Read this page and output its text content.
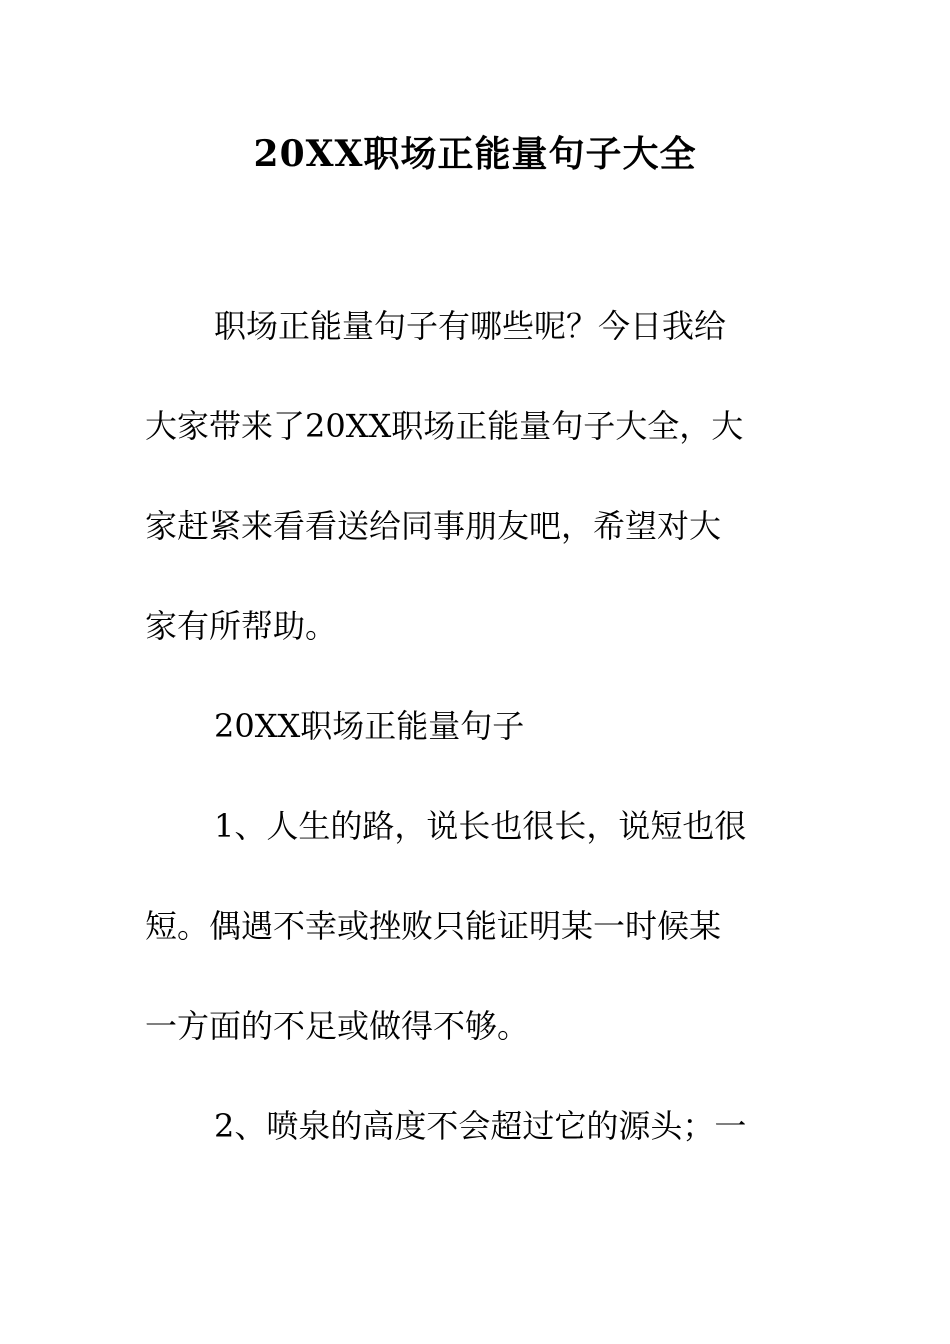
20XX职场正能量句子大全
职场正能量句子有哪些呢？今日我给
大家带来了20XX职场正能量句子大全，大
家赶紧来看看送给同事朋友吧，希望对大
家有所帮助。
20XX职场正能量句子
1、人生的路，说长也很长，说短也很
短。偶遇不幸或挫败只能证明某一时候某
一方面的不足或做得不够。
2、喷泉的高度不会超过它的源头；一
